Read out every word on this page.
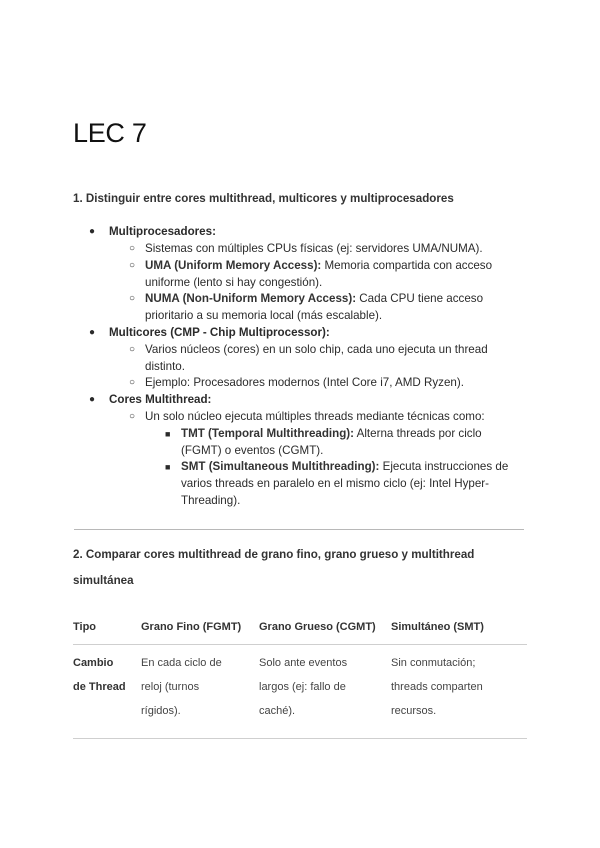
LEC 7
1. Distinguir entre cores multithread, multicores y multiprocesadores
● Multiprocesadores:
○ Sistemas con múltiples CPUs físicas (ej: servidores UMA/NUMA).
○ UMA (Uniform Memory Access): Memoria compartida con acceso uniforme (lento si hay congestión).
○ NUMA (Non-Uniform Memory Access): Cada CPU tiene acceso prioritario a su memoria local (más escalable).
● Multicores (CMP - Chip Multiprocessor):
○ Varios núcleos (cores) en un solo chip, cada uno ejecuta un thread distinto.
○ Ejemplo: Procesadores modernos (Intel Core i7, AMD Ryzen).
● Cores Multithread:
○ Un solo núcleo ejecuta múltiples threads mediante técnicas como:
■ TMT (Temporal Multithreading): Alterna threads por ciclo (FGMT) o eventos (CGMT).
■ SMT (Simultaneous Multithreading): Ejecuta instrucciones de varios threads en paralelo en el mismo ciclo (ej: Intel Hyper-Threading).
2. Comparar cores multithread de grano fino, grano grueso y multithread
simultánea
Tipo	Grano Fino (FGMT)	Grano Grueso (CGMT)	Simultáneo (SMT)
Cambio de Thread	En cada ciclo de reloj (turnos rígidos).	Solo ante eventos largos (ej: fallo de caché).	Sin conmutación; threads comparten recursos.
